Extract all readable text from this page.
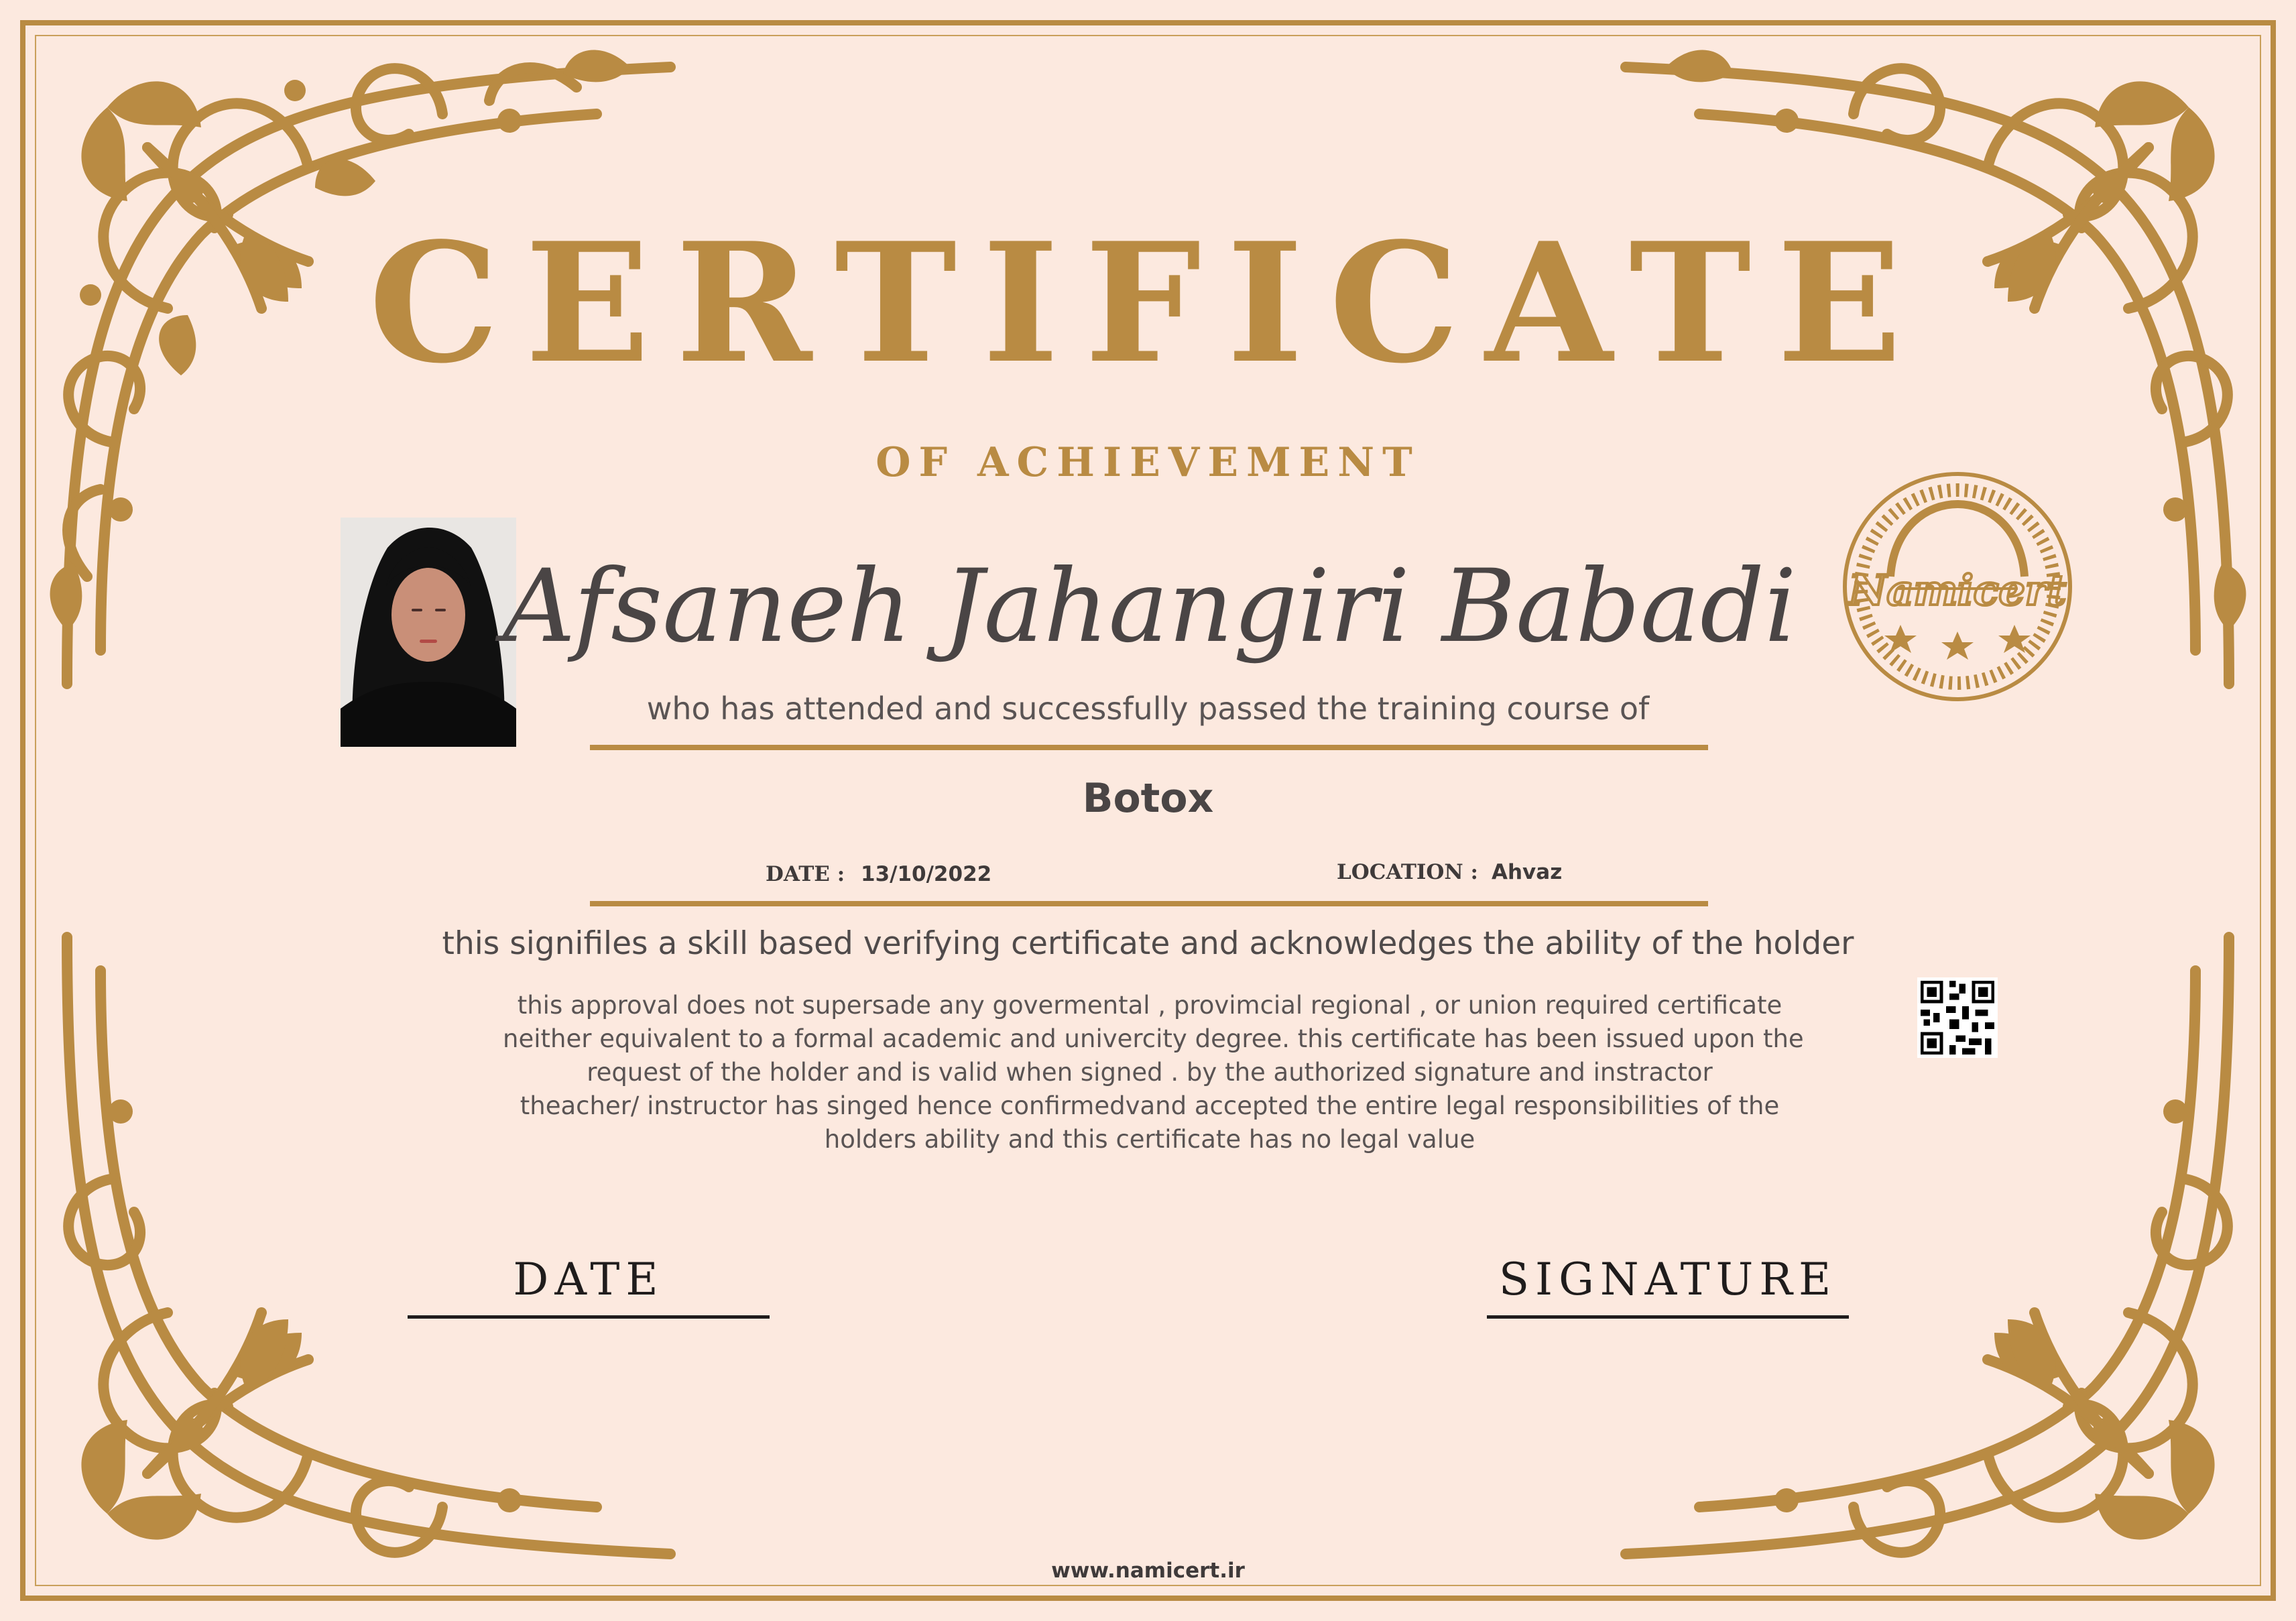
CERTIFICATE
OF ACHIEVEMENT
Afsaneh Jahangiri Babadi
who has attended and successfully passed the training course of
Botox
DATE : 13/10/2022	LOCATION : Ahvaz
this signifiles a skill based verifying certificate and acknowledges the ability of the holder
this approval does not supersade any govermental , provimcial regional , or union required certificate
neither equivalent to a formal academic and univercity degree. this certificate has been issued upon the
request of the holder and is valid when signed . by the authorized signature and instractor
theacher/ instructor has singed hence confirmedvand accepted the entire legal responsibilities of the
holders ability and this certificate has no legal value
DATE	SIGNATURE
Namicert
www.namicert.ir
